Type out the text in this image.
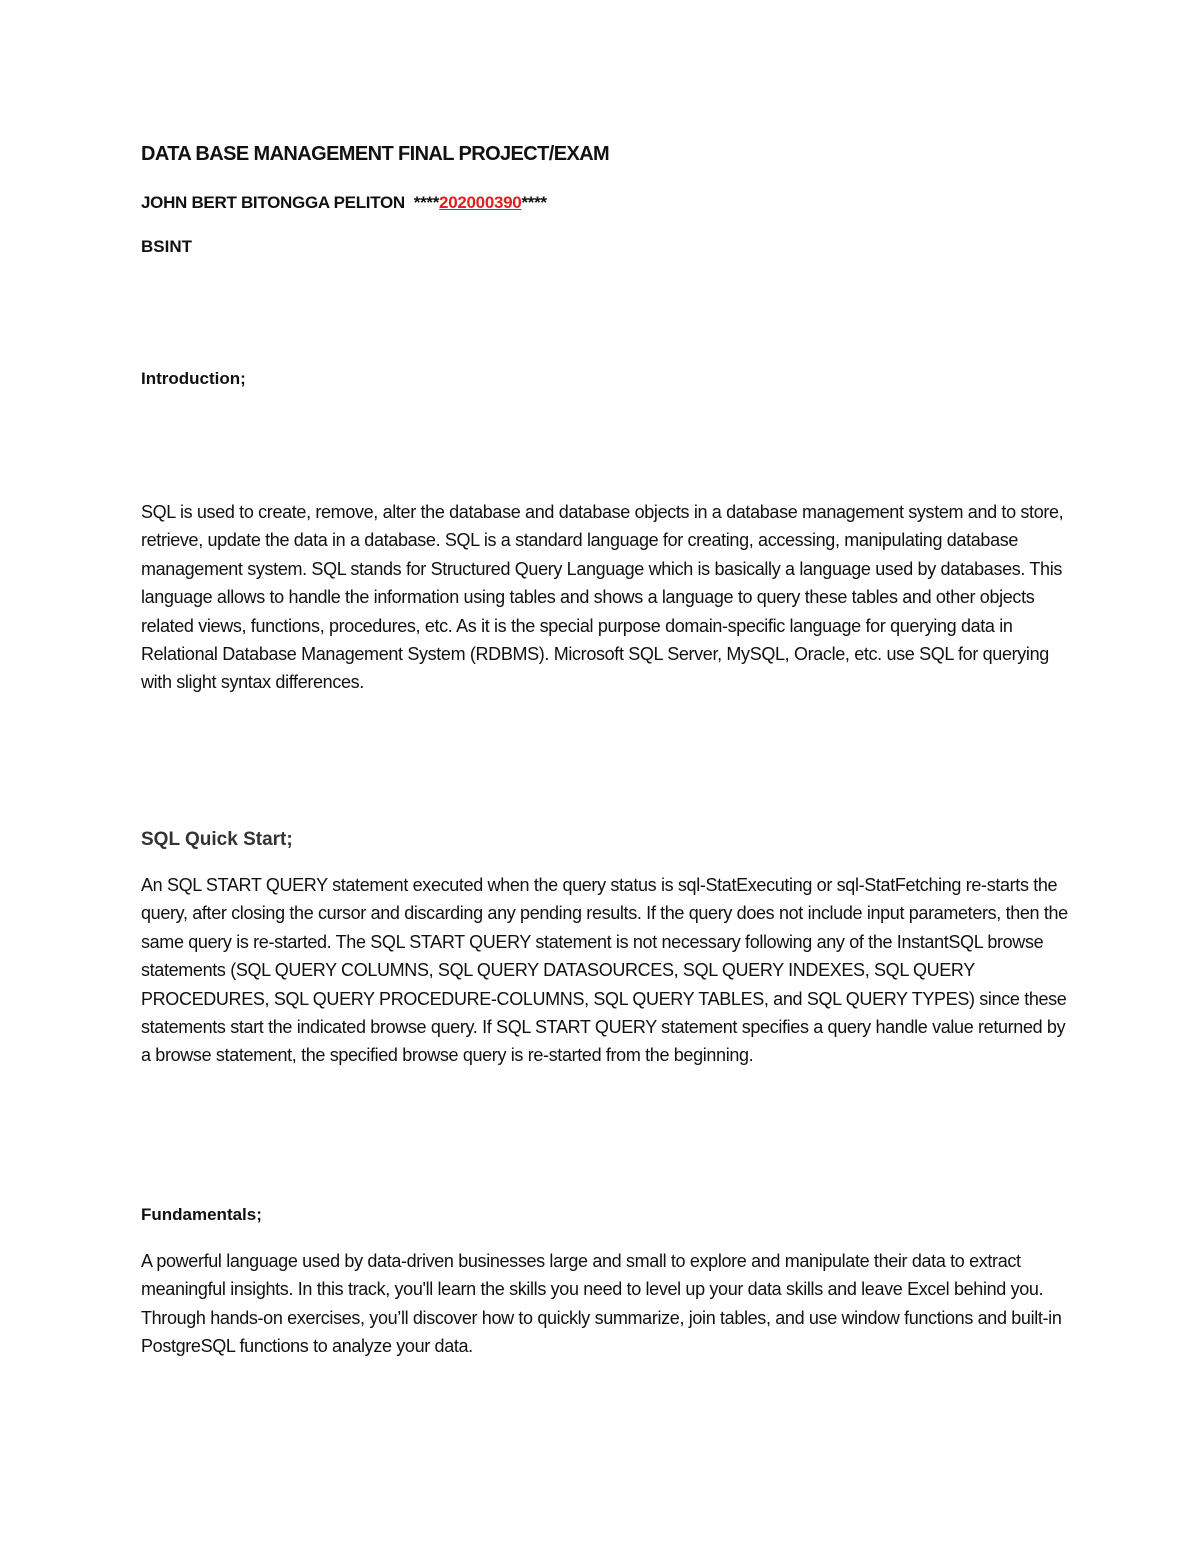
DATA BASE MANAGEMENT FINAL PROJECT/EXAM
JOHN BERT BITONGGA PELITON ****202000390****
BSINT
Introduction;
SQL is used to create, remove, alter the database and database objects in a database management system and to store, retrieve, update the data in a database. SQL is a standard language for creating, accessing, manipulating database management system. SQL stands for Structured Query Language which is basically a language used by databases. This language allows to handle the information using tables and shows a language to query these tables and other objects related views, functions, procedures, etc. As it is the special purpose domain-specific language for querying data in Relational Database Management System (RDBMS). Microsoft SQL Server, MySQL, Oracle, etc. use SQL for querying with slight syntax differences.
SQL Quick Start;
An SQL START QUERY statement executed when the query status is sql-StatExecuting or sql-StatFetching re-starts the query, after closing the cursor and discarding any pending results. If the query does not include input parameters, then the same query is re-started. The SQL START QUERY statement is not necessary following any of the InstantSQL browse statements (SQL QUERY COLUMNS, SQL QUERY DATASOURCES, SQL QUERY INDEXES, SQL QUERY PROCEDURES, SQL QUERY PROCEDURE-COLUMNS, SQL QUERY TABLES, and SQL QUERY TYPES) since these statements start the indicated browse query. If SQL START QUERY statement specifies a query handle value returned by a browse statement, the specified browse query is re-started from the beginning.
Fundamentals;
A powerful language used by data-driven businesses large and small to explore and manipulate their data to extract meaningful insights. In this track, you'll learn the skills you need to level up your data skills and leave Excel behind you. Through hands-on exercises, you’ll discover how to quickly summarize, join tables, and use window functions and built-in PostgreSQL functions to analyze your data.
